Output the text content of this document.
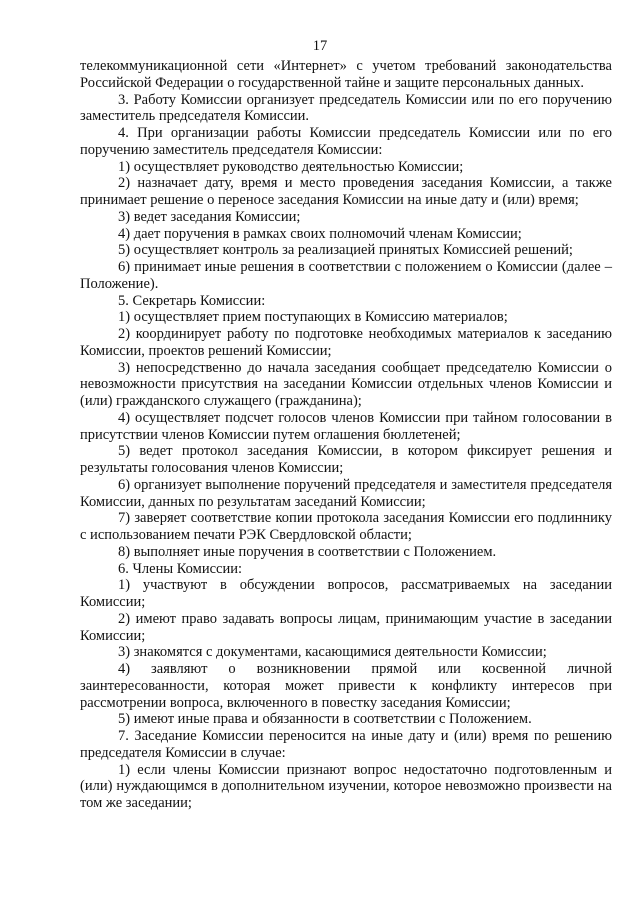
17

телекоммуникационной сети «Интернет» с учетом требований законодательства Российской Федерации о государственной тайне и защите персональных данных.

3. Работу Комиссии организует председатель Комиссии или по его поручению заместитель председателя Комиссии.

4. При организации работы Комиссии председатель Комиссии или по его поручению заместитель председателя Комиссии:

1) осуществляет руководство деятельностью Комиссии;

2) назначает дату, время и место проведения заседания Комиссии, а также принимает решение о переносе заседания Комиссии на иные дату и (или) время;

3) ведет заседания Комиссии;

4) дает поручения в рамках своих полномочий членам Комиссии;

5) осуществляет контроль за реализацией принятых Комиссией решений;

6) принимает иные решения в соответствии с положением о Комиссии (далее – Положение).

5. Секретарь Комиссии:

1) осуществляет прием поступающих в Комиссию материалов;

2) координирует работу по подготовке необходимых материалов к заседанию Комиссии, проектов решений Комиссии;

3) непосредственно до начала заседания сообщает председателю Комиссии о невозможности присутствия на заседании Комиссии отдельных членов Комиссии и (или) гражданского служащего (гражданина);

4) осуществляет подсчет голосов членов Комиссии при тайном голосовании в присутствии членов Комиссии путем оглашения бюллетеней;

5) ведет протокол заседания Комиссии, в котором фиксирует решения и результаты голосования членов Комиссии;

6) организует выполнение поручений председателя и заместителя председателя Комиссии, данных по результатам заседаний Комиссии;

7) заверяет соответствие копии протокола заседания Комиссии его подлиннику с использованием печати РЭК Свердловской области;

8) выполняет иные поручения в соответствии с Положением.

6. Члены Комиссии:

1) участвуют в обсуждении вопросов, рассматриваемых на заседании Комиссии;

2) имеют право задавать вопросы лицам, принимающим участие в заседании Комиссии;

3) знакомятся с документами, касающимися деятельности Комиссии;

4) заявляют о возникновении прямой или косвенной личной заинтересованности, которая может привести к конфликту интересов при рассмотрении вопроса, включенного в повестку заседания Комиссии;

5) имеют иные права и обязанности в соответствии с Положением.

7. Заседание Комиссии переносится на иные дату и (или) время по решению председателя Комиссии в случае:

1) если члены Комиссии признают вопрос недостаточно подготовленным и (или) нуждающимся в дополнительном изучении, которое невозможно произвести на том же заседании;
